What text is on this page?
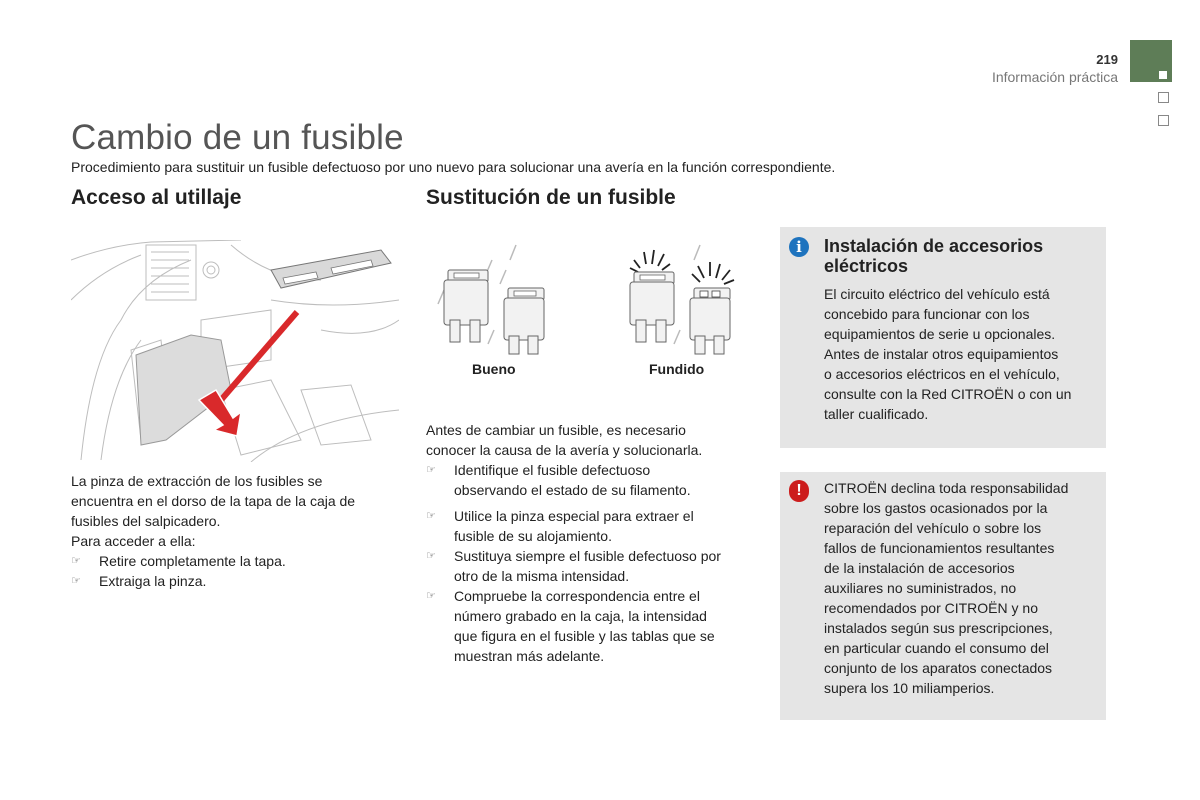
219
Información práctica
Cambio de un fusible
Procedimiento para sustituir un fusible defectuoso por uno nuevo para solucionar una avería en la función correspondiente.
Acceso al utillaje
La pinza de extracción de los fusibles se
encuentra en el dorso de la tapa de la caja de
fusibles del salpicadero.
Para acceder a ella:
☞ Retire completamente la tapa.
☞ Extraiga la pinza.
Sustitución de un fusible
Bueno	Fundido
Antes de cambiar un fusible, es necesario
conocer la causa de la avería y solucionarla.
☞ Identifique el fusible defectuoso
observando el estado de su filamento.
☞ Utilice la pinza especial para extraer el
fusible de su alojamiento.
☞ Sustituya siempre el fusible defectuoso por
otro de la misma intensidad.
☞ Compruebe la correspondencia entre el
número grabado en la caja, la intensidad
que figura en el fusible y las tablas que se
muestran más adelante.
i	Instalación de accesorios
eléctricos
El circuito eléctrico del vehículo está
concebido para funcionar con los
equipamientos de serie u opcionales.
Antes de instalar otros equipamientos
o accesorios eléctricos en el vehículo,
consulte con la Red CITROËN o con un
taller cualificado.
!	CITROËN declina toda responsabilidad
sobre los gastos ocasionados por la
reparación del vehículo o sobre los
fallos de funcionamientos resultantes
de la instalación de accesorios
auxiliares no suministrados, no
recomendados por CITROËN y no
instalados según sus prescripciones,
en particular cuando el consumo del
conjunto de los aparatos conectados
supera los 10 miliamperios.
